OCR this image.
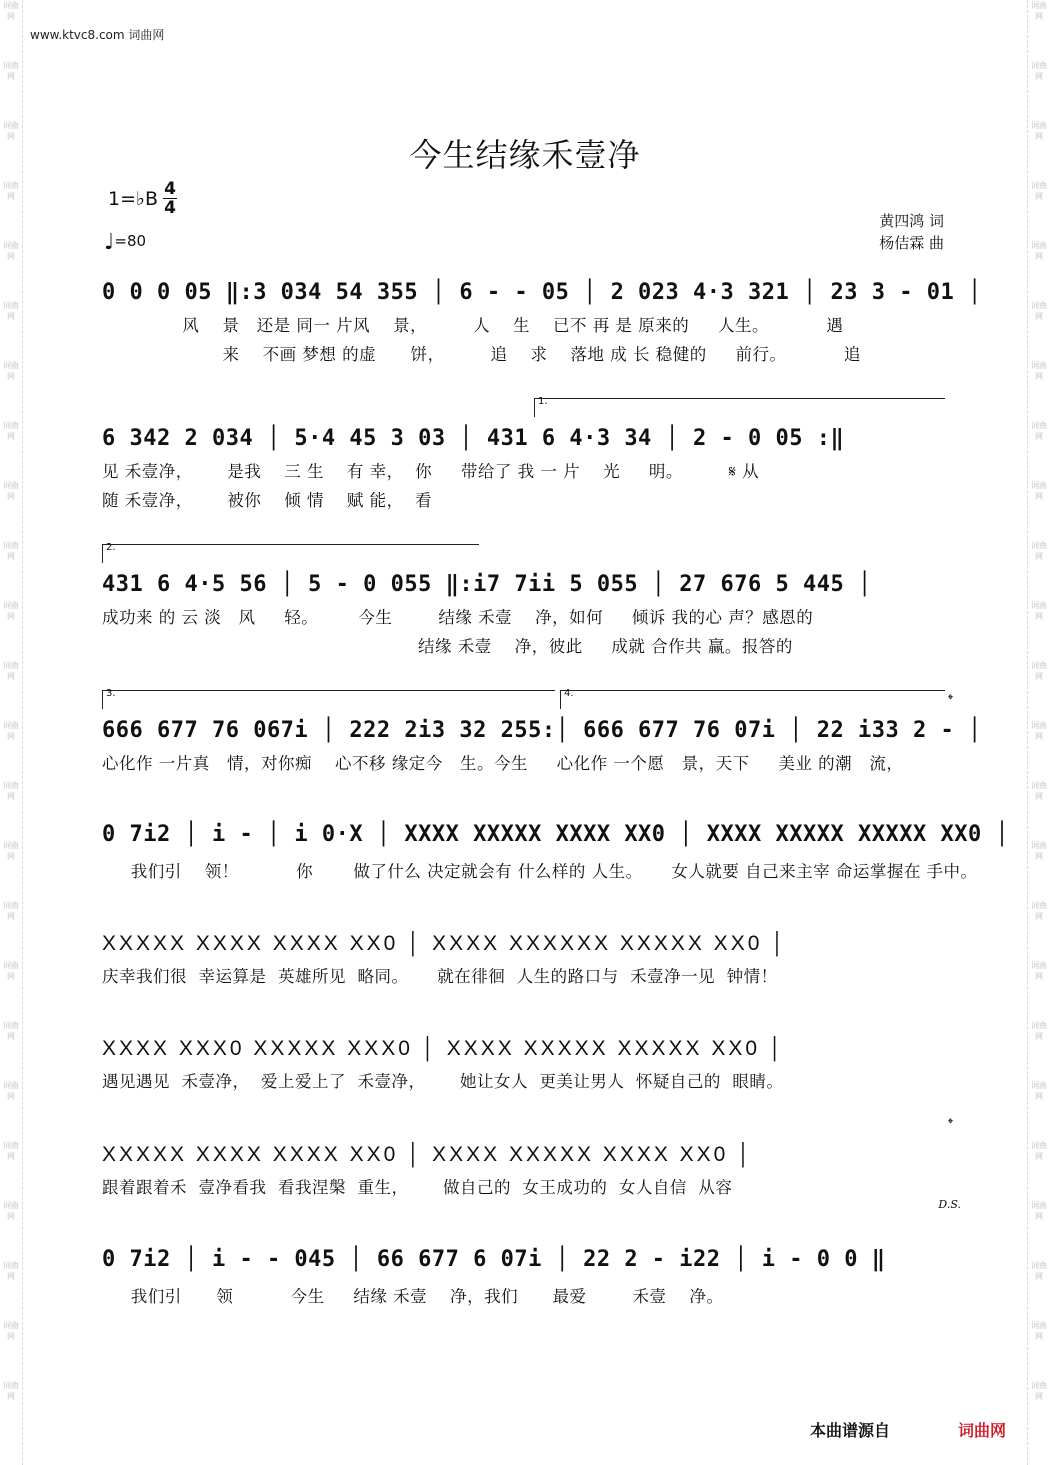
词曲网
词曲网
词曲网
词曲网
词曲网
词曲网
词曲网
词曲网
词曲网
词曲网
词曲网
词曲网
词曲网
词曲网
词曲网
词曲网
词曲网
词曲网
词曲网
词曲网
词曲网
词曲网
词曲网
词曲网
词曲网
词曲网
词曲网
词曲网
词曲网
词曲网
词曲网
词曲网
词曲网
词曲网
词曲网
词曲网
词曲网
词曲网
词曲网
词曲网
词曲网
词曲网
词曲网
词曲网
词曲网
词曲网
词曲网
词曲网
www.ktvc8.com 词曲网
今生结缘禾壹净
1=♭B 4
4
♩=80
黄四鸿 词
杨佶霖 曲
0 0 0 05 ‖:3 034 54 355 │ 6 - - 05 │ 2 023 4·3 321 │ 23 3 - 01 │
风    景   还是 同一 片风    景，        人    生    已不 再 是 原来的     人生。          遇
来    不画 梦想 的虚      饼，        追    求    落地 成 长 稳健的     前行。          追
1.
6 342 2 034 │ 5·4 45 3 03 │ 431 6 4·3 34 │ 2 - 0 05 :‖
见 禾壹净，      是我    三 生    有 幸，  你     带给了 我 一 片    光     明。        𝄋 从
随 禾壹净，      被你    倾 情    赋 能，  看
2.
431 6 4·5 56 │ 5 - 0 055 ‖:i7 7ii 5 055 │ 27 676 5 445 │
成功来 的 云 淡   风     轻。       今生        结缘 禾壹    净，如何     倾诉 我的心 声？感恩的
结缘 禾壹    净，彼此     成就 合作共 赢。报答的
3.	4.	𝄌
666 677 76 067i │ 222 2i3 32 255:│ 666 677 76 07i │ 22 i33 2 - │
心化作 一片真   情，对你痴    心不移 缘定今   生。今生     心化作 一个愿   景，天下     美业 的潮   流，
0 7i2 │ i - │ i 0·X │ XXXX XXXXX XXXX XX0 │ XXXX XXXXX XXXXX XX0 │
我们引    领！          你       做了什么 决定就会有 什么样的 人生。     女人就要 自己来主宰 命运掌握在 手中。
XXXXX XXXX XXXX XX0 │ XXXX XXXXXX XXXXX XX0 │
庆幸我们很  幸运算是  英雄所见  略同。     就在徘徊  人生的路口与  禾壹净一见  钟情！
XXXX XXX0 XXXXX XXX0 │ XXXX XXXXX XXXXX XX0 │
遇见遇见  禾壹净，  爱上爱上了  禾壹净，      她让女人  更美让男人  怀疑自己的  眼睛。
𝄌
D.S.
XXXXX XXXX XXXX XX0 │ XXXX XXXXX XXXX XX0 │
跟着跟着禾  壹净看我  看我涅槃  重生，      做自己的  女王成功的  女人自信  从容
0 7i2 │ i - - 045 │ 66 677 6 07i │ 22 2 - i22 │ i - 0 0 ‖
我们引      领          今生     结缘 禾壹    净，我们      最爱        禾壹    净。
本曲谱源自	词曲网
